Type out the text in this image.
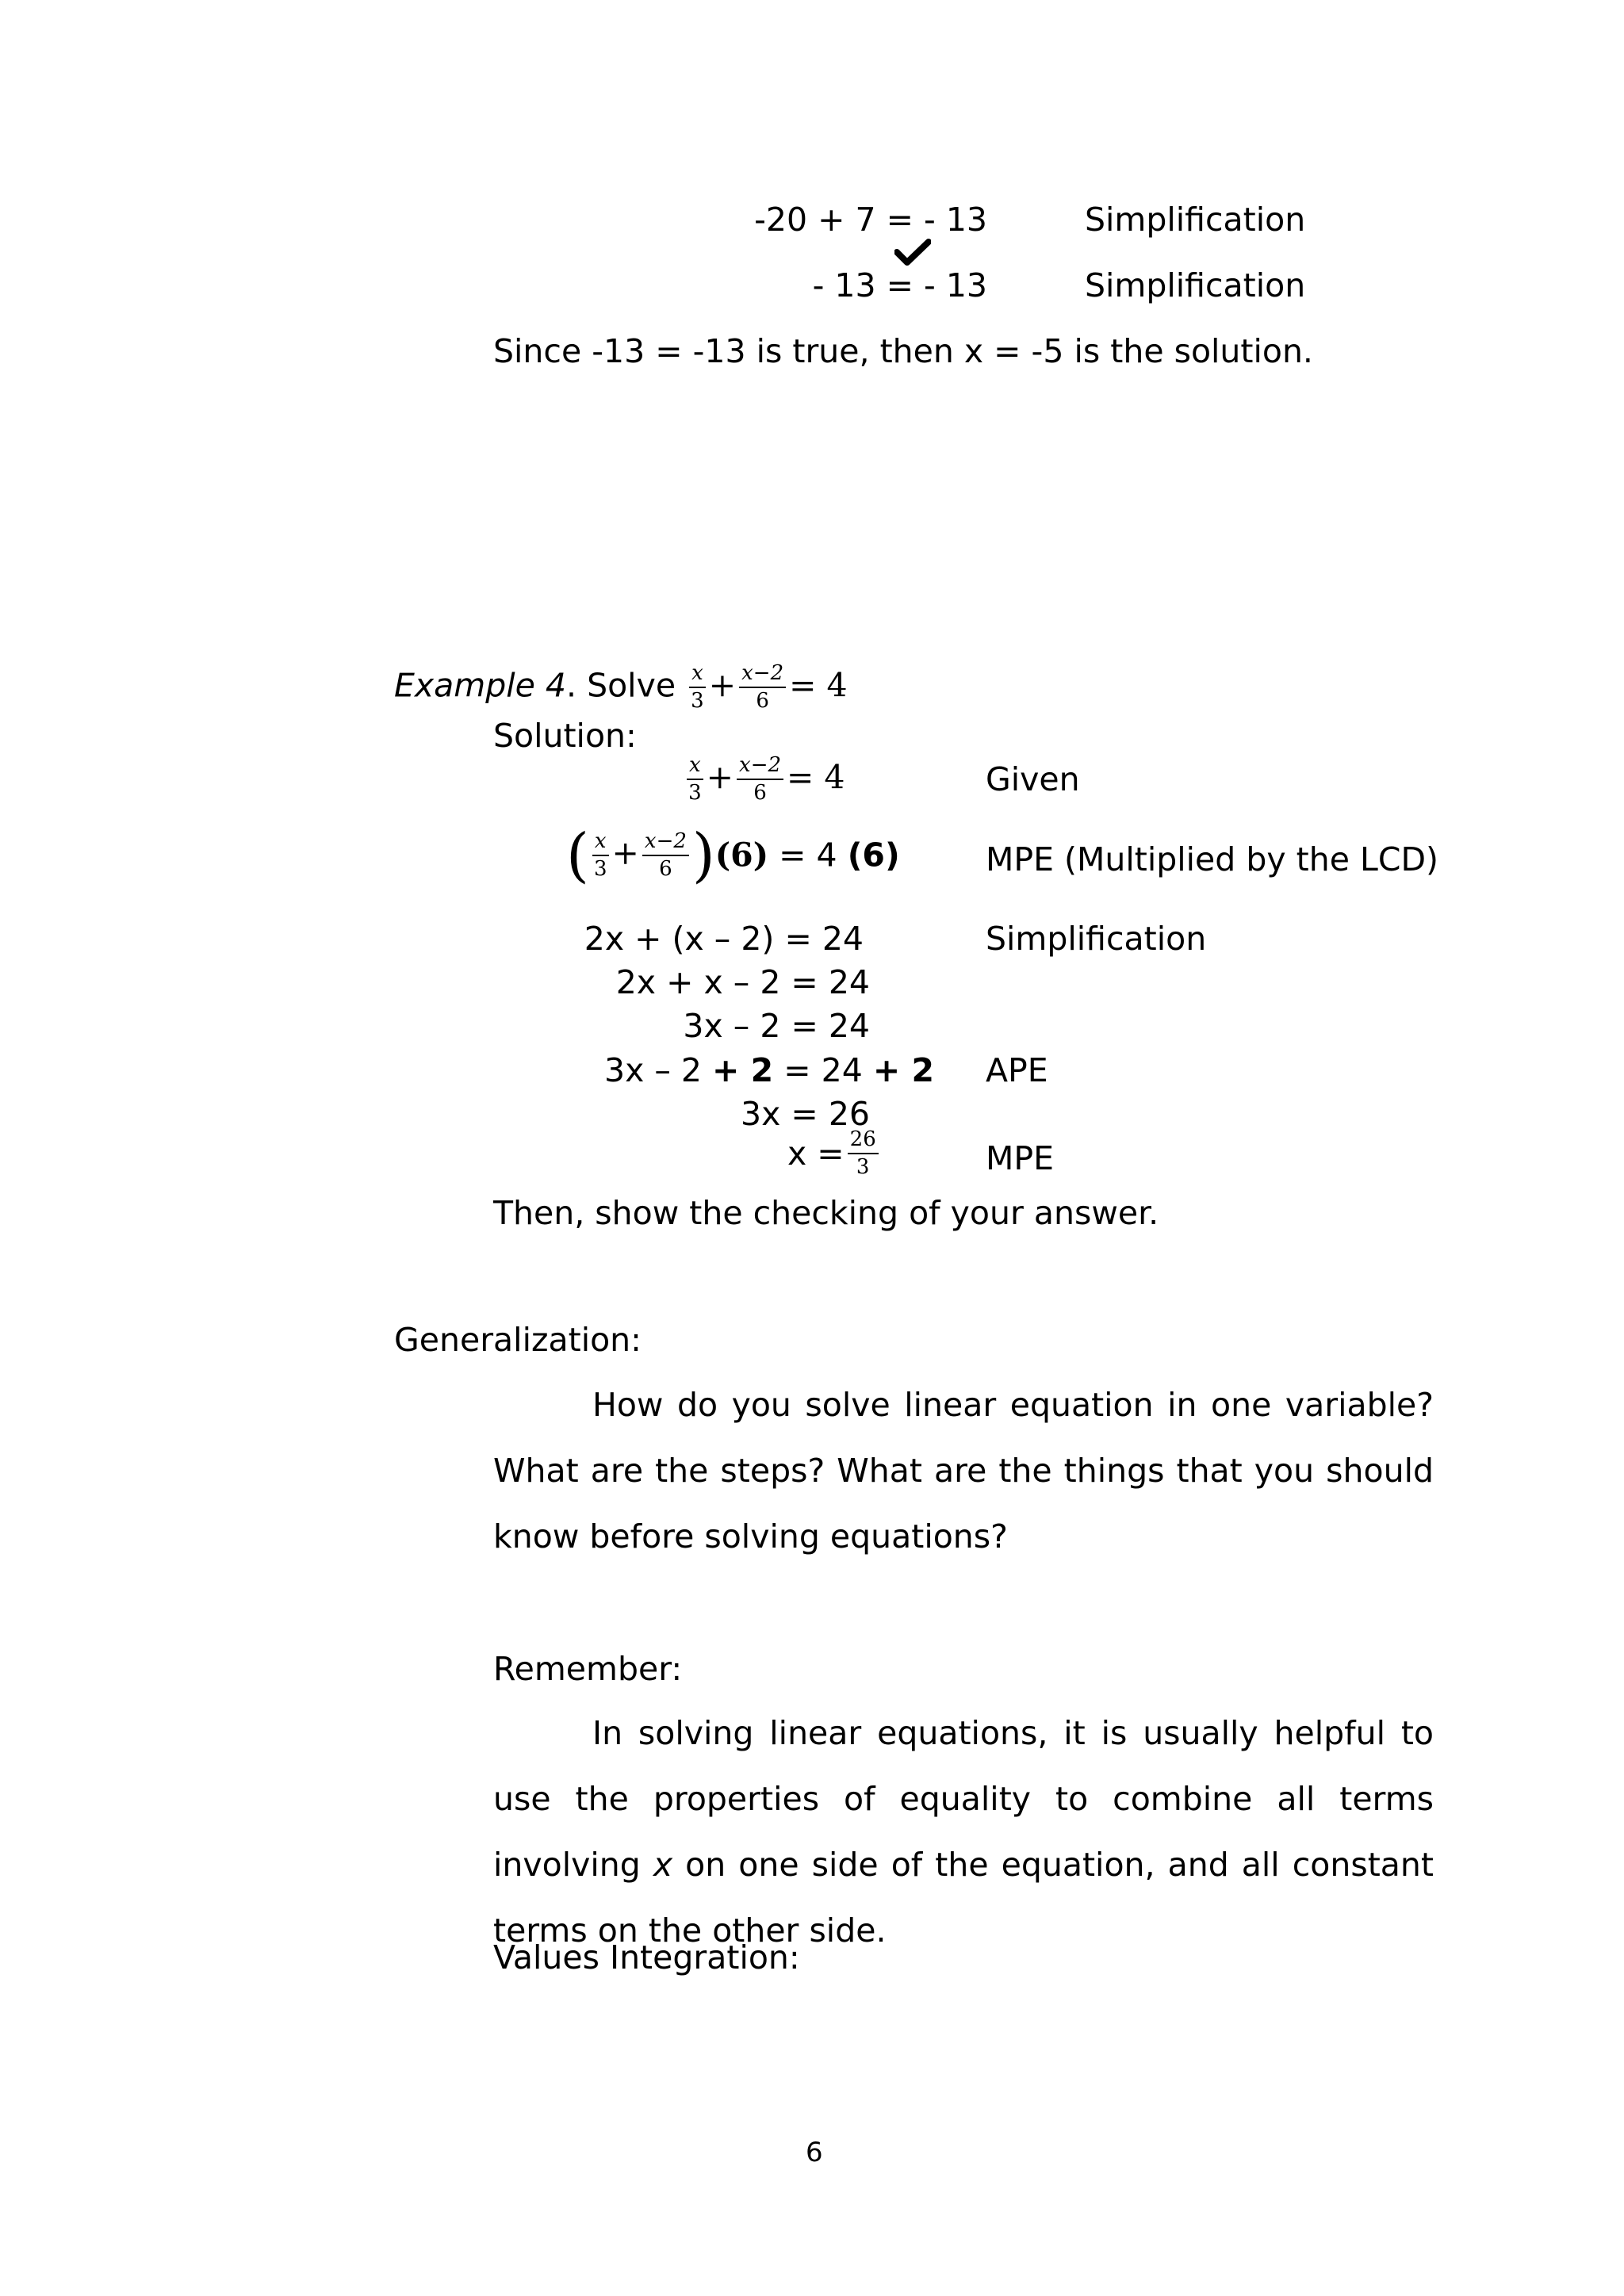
-20 + 7 = - 13	Simplification
- 13 = - 13	Simplification
Since -13 = -13 is true, then x = -5 is the solution.
Example 4. Solve $\frac{x}{3} + \frac{x-2}{6} = 4$
Solution:
$\frac{x}{3} + \frac{x-2}{6} = 4$	Given
( $\frac{x}{3} + \frac{x-2}{6} )(6) = 4$ (6)	MPE (Multiplied by the LCD)
2x + (x – 2) = 24	Simplification
2x + x – 2 = 24
3x – 2 = 24
3x – 2 + 2 = 24 + 2 APE
3x = 26
$x = \frac{26}{3}$	MPE
Then, show the checking of your answer.
Generalization:
How do you solve linear equation in one variable? What are the steps? What are the things that you should know before solving equations?
Remember:
In solving linear equations, it is usually helpful to use the properties of equality to combine all terms involving x on one side of the equation, and all constant terms on the other side.
Values Integration:
6
